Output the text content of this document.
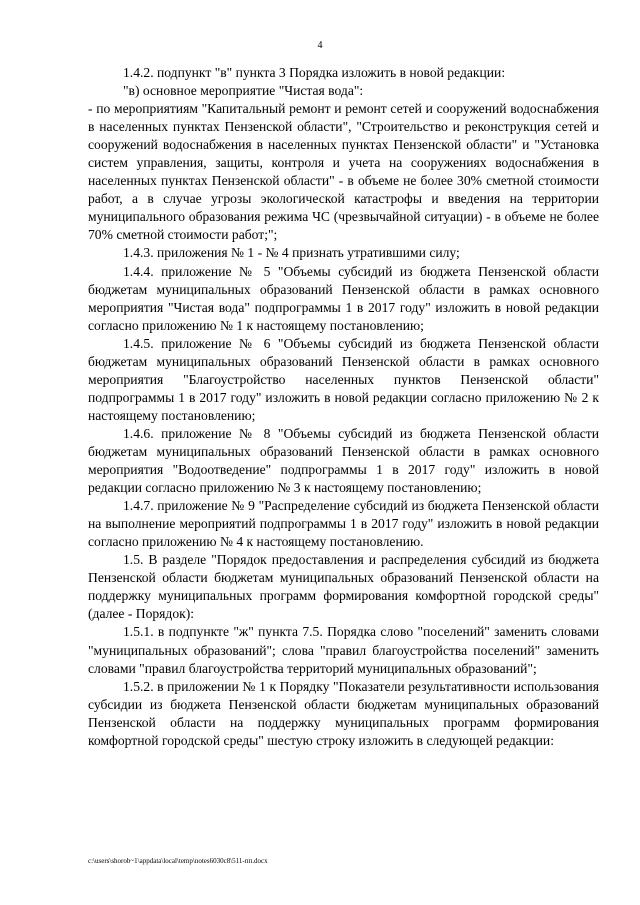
4

1.4.2. подпункт "в" пункта 3 Порядка изложить в новой редакции:

"в) основное мероприятие "Чистая вода":

- по мероприятиям "Капитальный ремонт и ремонт сетей и сооружений водоснабжения в населенных пунктах Пензенской области", "Строительство и реконструкция сетей и сооружений водоснабжения в населенных пунктах Пензенской области" и "Установка систем управления, защиты, контроля и учета на сооружениях водоснабжения в населенных пунктах Пензенской области" - в объеме не более 30% сметной стоимости работ, а в случае угрозы экологической катастрофы и введения на территории муниципального образования режима ЧС (чрезвычайной ситуации) - в объеме не более 70% сметной стоимости работ;";

1.4.3. приложения № 1 - № 4 признать утратившими силу;

1.4.4. приложение № 5 "Объемы субсидий из бюджета Пензенской области бюджетам муниципальных образований Пензенской области в рамках основного мероприятия "Чистая вода" подпрограммы 1 в 2017 году" изложить в новой редакции согласно приложению № 1 к настоящему постановлению;

1.4.5. приложение № 6 "Объемы субсидий из бюджета Пензенской области бюджетам муниципальных образований Пензенской области в рамках основного мероприятия "Благоустройство населенных пунктов Пензенской области" подпрограммы 1 в 2017 году" изложить в новой редакции согласно приложению № 2 к настоящему постановлению;

1.4.6. приложение № 8 "Объемы субсидий из бюджета Пензенской области бюджетам муниципальных образований Пензенской области в рамках основного мероприятия "Водоотведение" подпрограммы 1 в 2017 году" изложить в новой редакции согласно приложению № 3 к настоящему постановлению;

1.4.7. приложение № 9 "Распределение субсидий из бюджета Пензенской области на выполнение мероприятий подпрограммы 1 в 2017 году" изложить в новой редакции согласно приложению № 4 к настоящему постановлению.

1.5. В разделе "Порядок предоставления и распределения субсидий из бюджета Пензенской области бюджетам муниципальных образований Пензенской области на поддержку муниципальных программ формирования комфортной городской среды" (далее - Порядок):

1.5.1. в подпункте "ж" пункта 7.5. Порядка слово "поселений" заменить словами "муниципальных образований"; слова "правил благоустройства поселений" заменить словами "правил благоустройства территорий муниципальных образований";

1.5.2. в приложении № 1 к Порядку "Показатели результативности использования субсидии из бюджета Пензенской области бюджетам муниципальных образований Пензенской области на поддержку муниципальных программ формирования комфортной городской среды" шестую строку изложить в следующей редакции:

c:\users\shorob~1\appdata\local\temp\notes6030c8\511-пп.docx
